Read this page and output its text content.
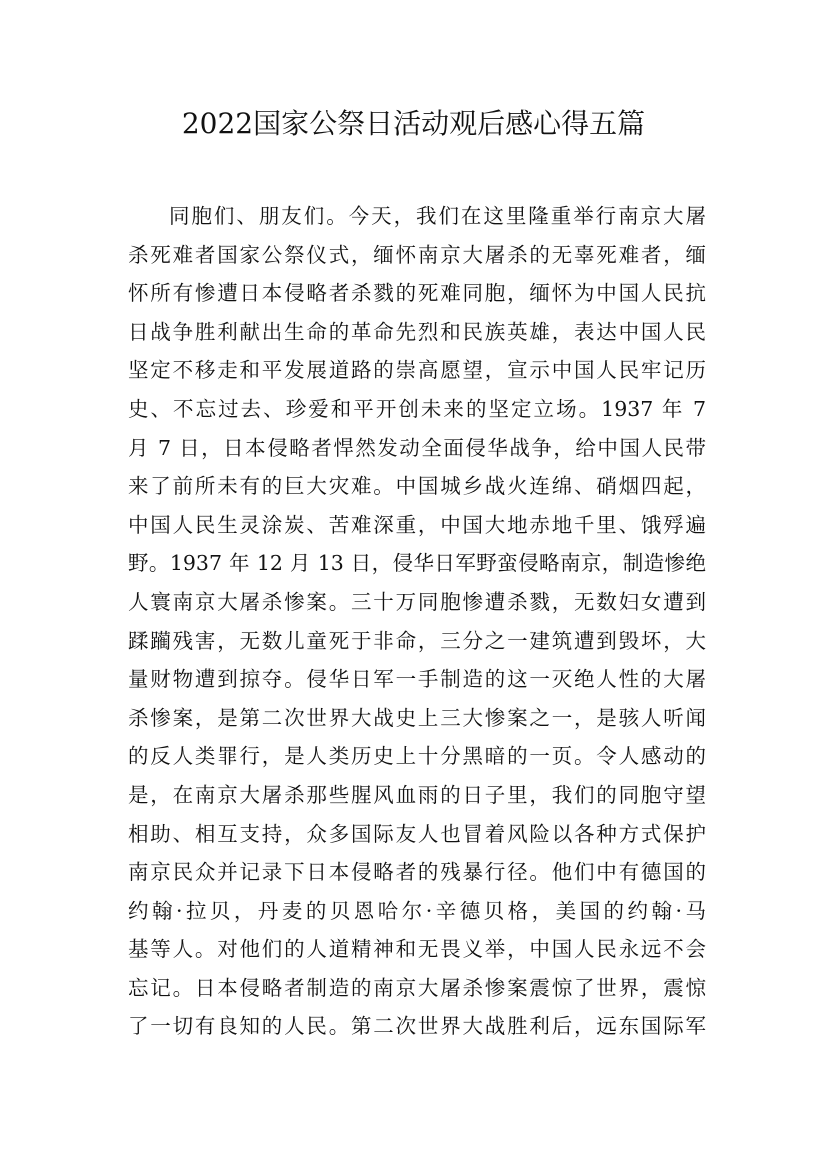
2022国家公祭日活动观后感心得五篇
同胞们、朋友们。今天，我们在这里隆重举行南京大屠
杀死难者国家公祭仪式，缅怀南京大屠杀的无辜死难者，缅
怀所有惨遭日本侵略者杀戮的死难同胞，缅怀为中国人民抗
日战争胜利献出生命的革命先烈和民族英雄，表达中国人民
坚定不移走和平发展道路的崇高愿望，宣示中国人民牢记历
史、不忘过去、珍爱和平开创未来的坚定立场。1937 年 7
月 7 日，日本侵略者悍然发动全面侵华战争，给中国人民带
来了前所未有的巨大灾难。中国城乡战火连绵、硝烟四起，
中国人民生灵涂炭、苦难深重，中国大地赤地千里、饿殍遍
野。1937 年 12 月 13 日，侵华日军野蛮侵略南京，制造惨绝
人寰南京大屠杀惨案。三十万同胞惨遭杀戮，无数妇女遭到
蹂躏残害，无数儿童死于非命，三分之一建筑遭到毁坏，大
量财物遭到掠夺。侵华日军一手制造的这一灭绝人性的大屠
杀惨案，是第二次世界大战史上三大惨案之一，是骇人听闻
的反人类罪行，是人类历史上十分黑暗的一页。令人感动的
是，在南京大屠杀那些腥风血雨的日子里，我们的同胞守望
相助、相互支持，众多国际友人也冒着风险以各种方式保护
南京民众并记录下日本侵略者的残暴行径。他们中有德国的
约翰·拉贝，丹麦的贝恩哈尔·辛德贝格，美国的约翰·马
基等人。对他们的人道精神和无畏义举，中国人民永远不会
忘记。日本侵略者制造的南京大屠杀惨案震惊了世界，震惊
了一切有良知的人民。第二次世界大战胜利后，远东国际军
